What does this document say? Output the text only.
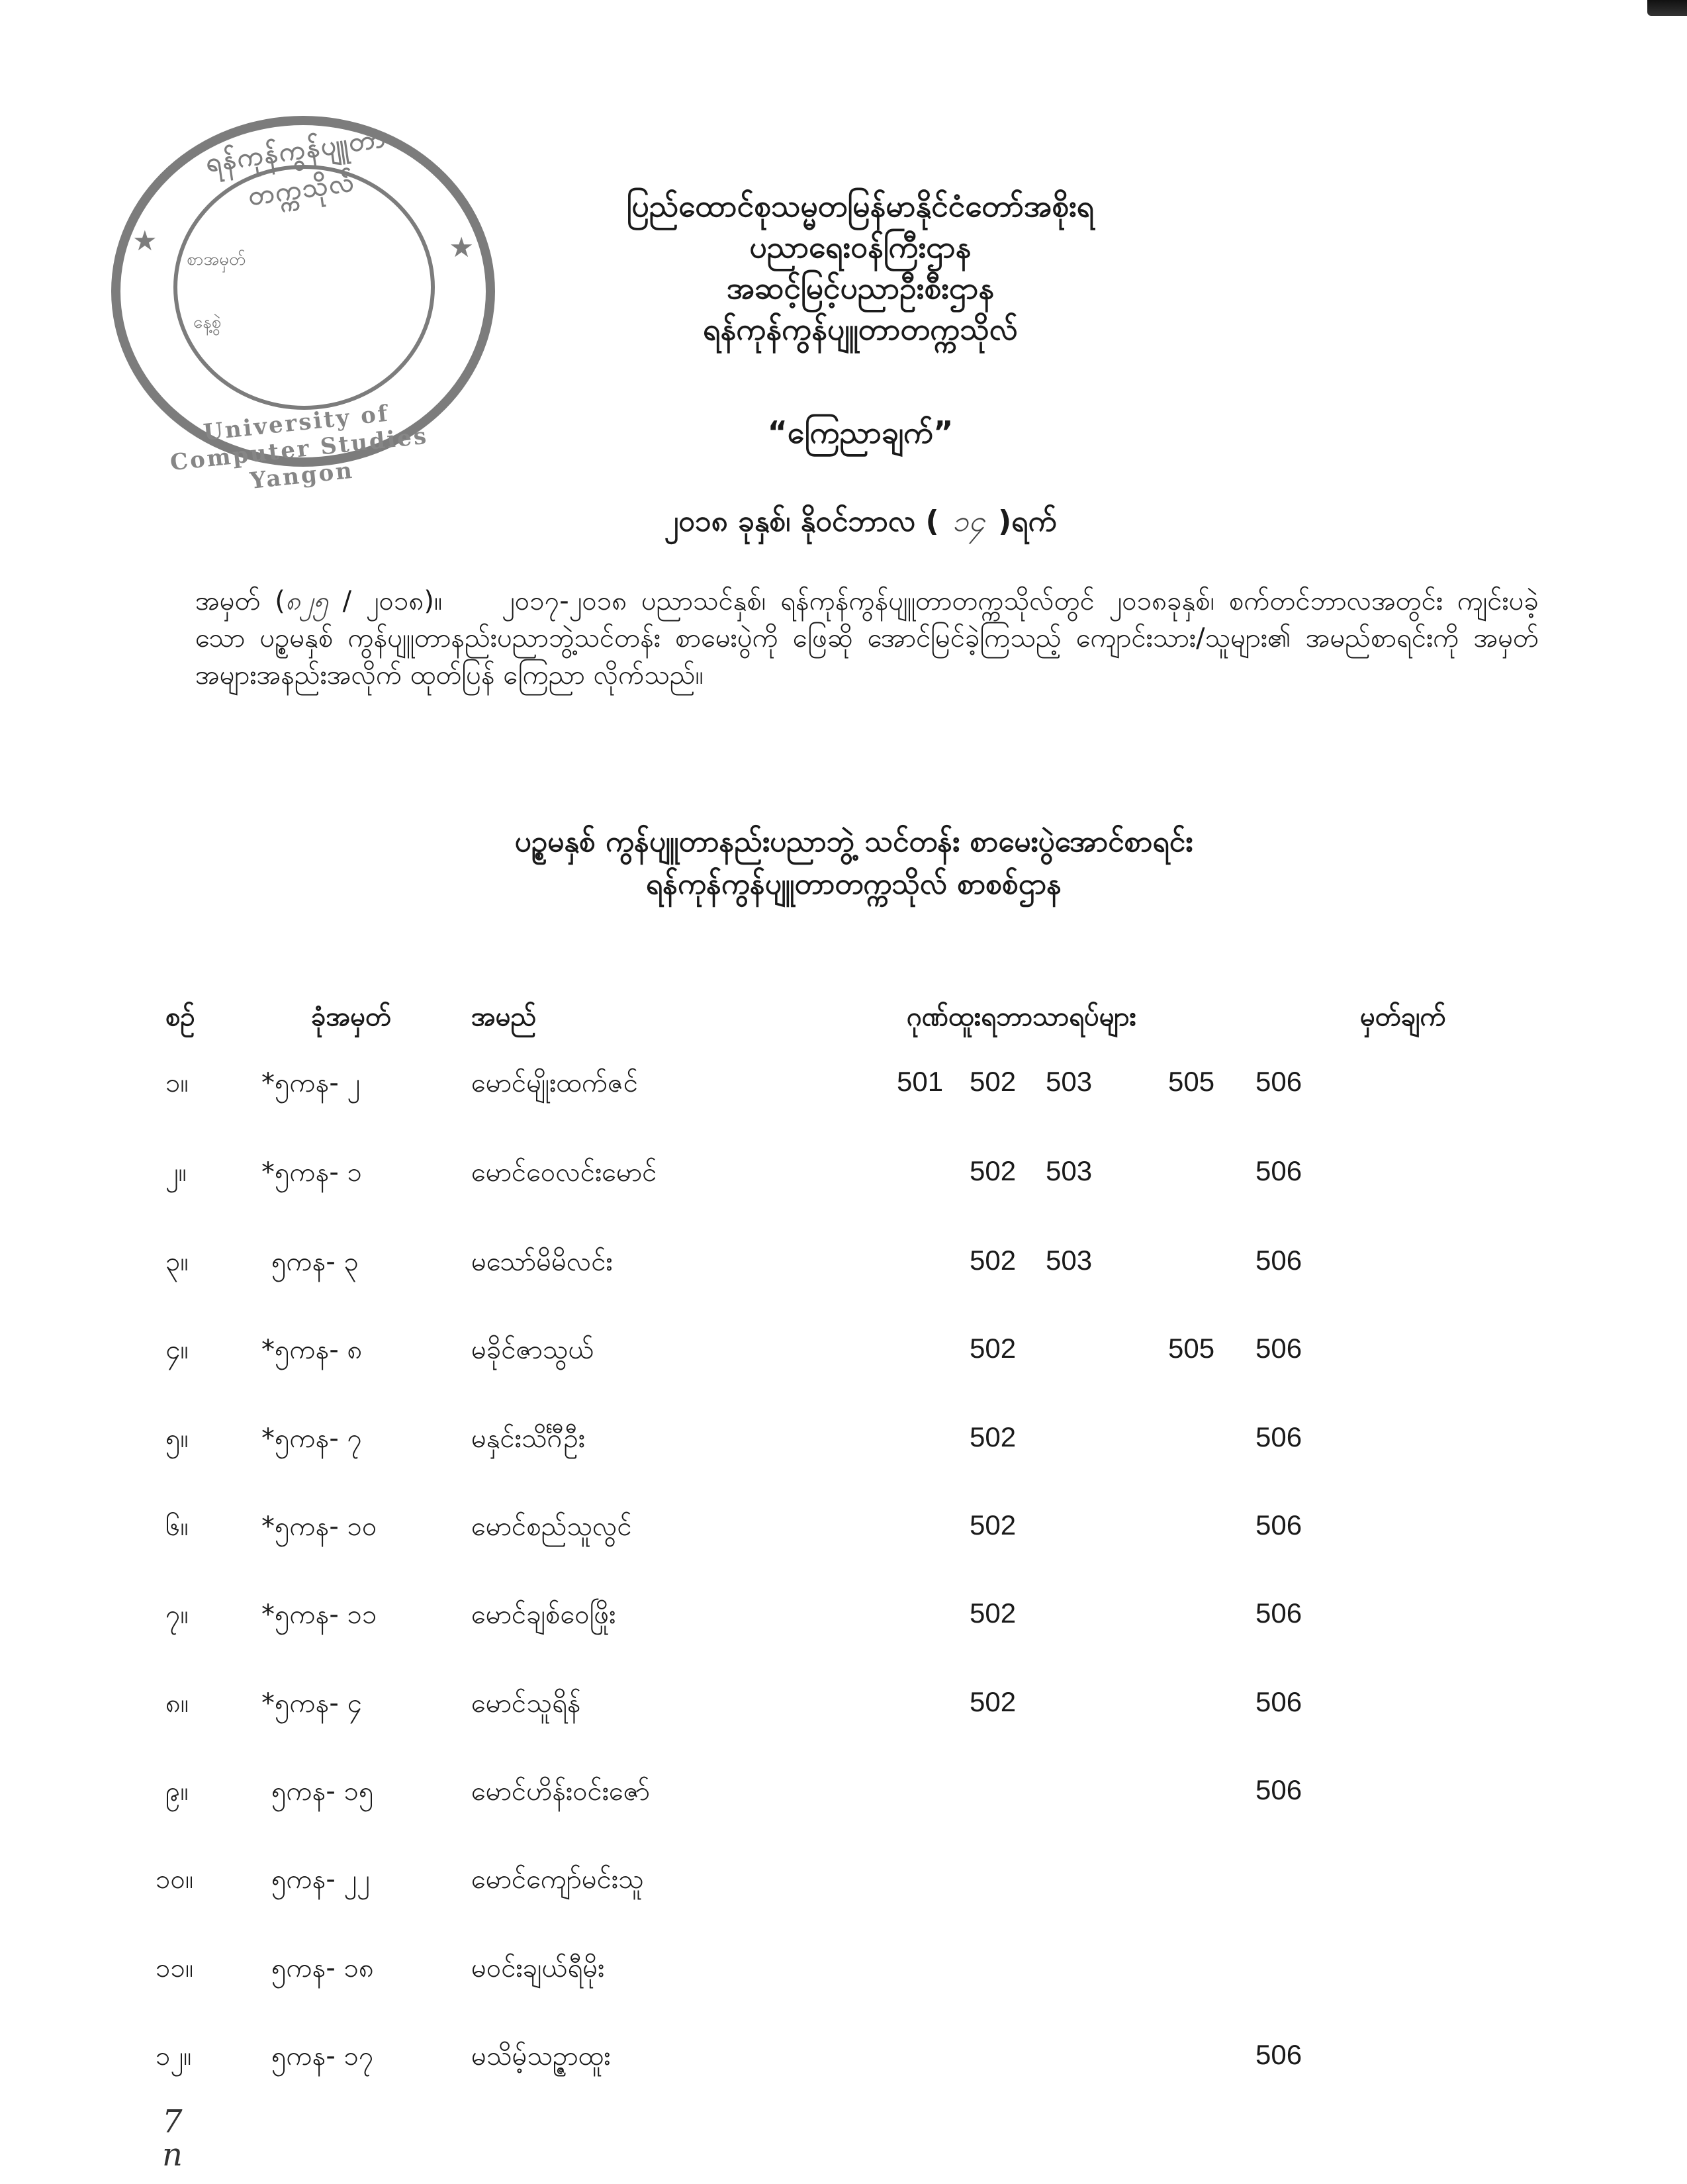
ရန်ကုန်ကွန်ပျူတာတက္ကသိုလ်
★	★
စာအမှတ်
နေ့စွဲ
University of Computer Studies Yangon
ပြည်ထောင်စုသမ္မတမြန်မာနိုင်ငံတော်အစိုးရ
ပညာရေးဝန်ကြီးဌာန
အဆင့်မြင့်ပညာဦးစီးဌာန
ရန်ကုန်ကွန်ပျူတာတက္ကသိုလ်
“ကြေညာချက်”
၂၀၁၈ ခုနှစ်၊ နိုဝင်ဘာလ ( ၁၄ )ရက်
အမှတ် (၈၂၅ / ၂၀၁၈)။ ၂၀၁၇-၂၀၁၈ ပညာသင်နှစ်၊ ရန်ကုန်ကွန်ပျူတာတက္ကသိုလ်တွင် ၂၀၁၈ခုနှစ်၊ စက်တင်ဘာလအတွင်း ကျင်းပခဲ့သော ပဉ္စမနှစ် ကွန်ပျူတာနည်းပညာဘွဲ့သင်တန်း စာမေးပွဲကို ဖြေဆို အောင်မြင်ခဲ့ကြသည့် ကျောင်းသား/သူများ၏ အမည်စာရင်းကို အမှတ်အများအနည်းအလိုက် ထုတ်ပြန် ကြေညာ လိုက်သည်။
ပဉ္စမနှစ် ကွန်ပျူတာနည်းပညာဘွဲ့ သင်တန်း စာမေးပွဲအောင်စာရင်း
ရန်ကုန်ကွန်ပျူတာတက္ကသိုလ် စာစစ်ဌာန
စဉ်	ခုံအမှတ်	အမည်	ဂုဏ်ထူးရဘာသာရပ်များ	မှတ်ချက်
၁။	*၅ကန- ၂	မောင်မျိုးထက်ဇင်	501 502 503	505 506
၂။	*၅ကန- ၁	မောင်ဝေလင်းမောင်	502 503	506
၃။	၅ကန- ၃	မသော်မိမိလင်း	502 503	506
၄။	*၅ကန- ၈	မခိုင်ဇာသွယ်	502	505 506
၅။	*၅ကန- ၇	မနှင်းသိင်္ဂီဦး	502	506
၆။	*၅ကန- ၁၀	မောင်စည်သူလွင်	502	506
၇။	*၅ကန- ၁၁	မောင်ချစ်ဝေဖြိုး	502	506
၈။	*၅ကန- ၄	မောင်သူရိန်	502	506
၉။	၅ကန- ၁၅	မောင်ဟိန်းဝင်းဇော်	506
၁၀။	၅ကန- ၂၂	မောင်ကျော်မင်းသူ
၁၁။	၅ကန- ၁၈	မဝင်းချယ်ရီမိုး
၁၂။	၅ကန- ၁၇	မသိမ့်သဉ္ဇာထူး	506
7
n
